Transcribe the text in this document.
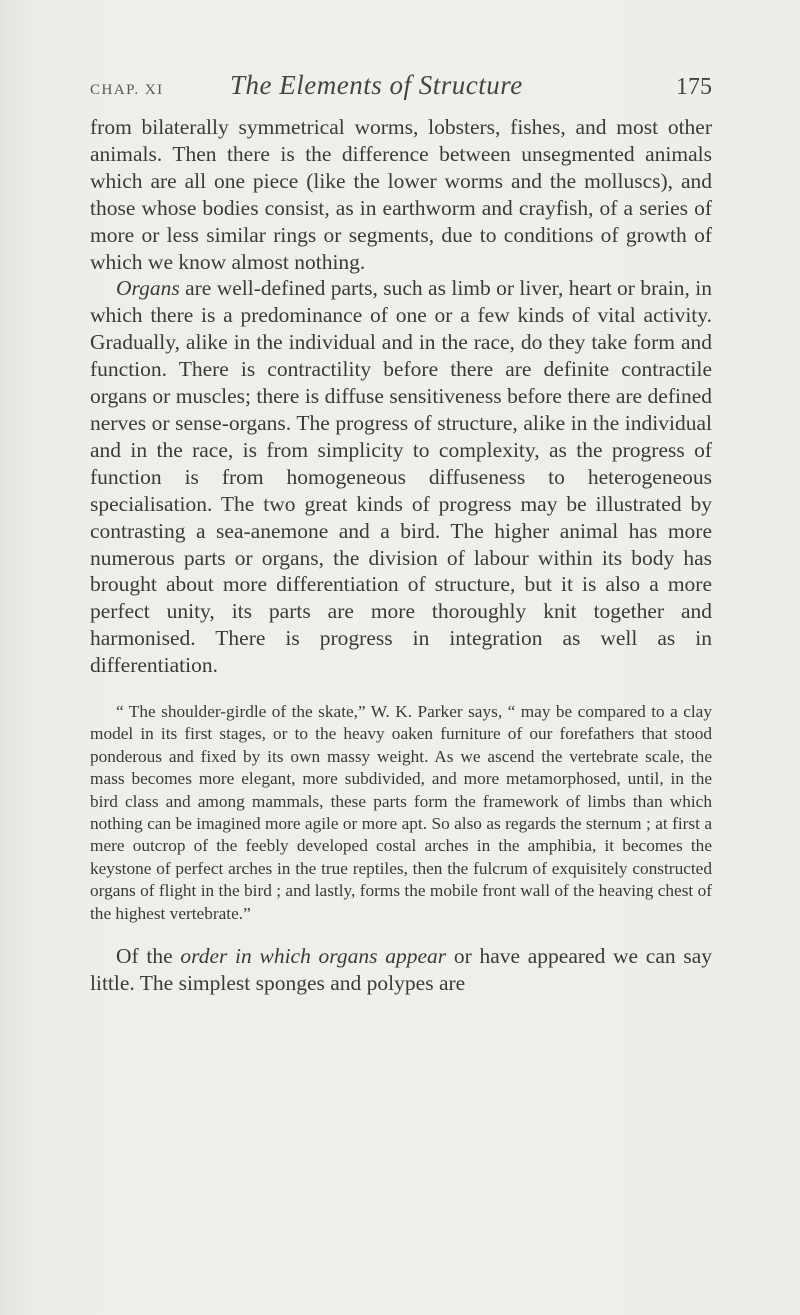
CHAP. XI The Elements of Structure	175

from bilaterally symmetrical worms, lobsters, fishes, and most other animals. Then there is the difference between unsegmented animals which are all one piece (like the lower worms and the molluscs), and those whose bodies consist, as in earthworm and crayfish, of a series of more or less similar rings or segments, due to conditions of growth of which we know almost nothing.

Organs are well-defined parts, such as limb or liver, heart or brain, in which there is a predominance of one or a few kinds of vital activity. Gradually, alike in the individual and in the race, do they take form and function. There is contractility before there are definite contractile organs or muscles; there is diffuse sensitiveness before there are defined nerves or sense-organs. The progress of structure, alike in the individual and in the race, is from simplicity to complexity, as the progress of function is from homogeneous diffuseness to heterogeneous specialisation. The two great kinds of progress may be illustrated by contrasting a sea-anemone and a bird. The higher animal has more numerous parts or organs, the division of labour within its body has brought about more differentiation of structure, but it is also a more perfect unity, its parts are more thoroughly knit together and harmonised. There is progress in integration as well as in differentiation.

“ The shoulder-girdle of the skate,” W. K. Parker says, “ may be compared to a clay model in its first stages, or to the heavy oaken furniture of our forefathers that stood ponderous and fixed by its own massy weight. As we ascend the vertebrate scale, the mass becomes more elegant, more subdivided, and more metamorphosed, until, in the bird class and among mammals, these parts form the framework of limbs than which nothing can be imagined more agile or more apt. So also as regards the sternum ; at first a mere outcrop of the feebly developed costal arches in the amphibia, it becomes the keystone of perfect arches in the true reptiles, then the fulcrum of exquisitely constructed organs of flight in the bird ; and lastly, forms the mobile front wall of the heaving chest of the highest vertebrate.”

Of the order in which organs appear or have appeared we can say little. The simplest sponges and polypes are
